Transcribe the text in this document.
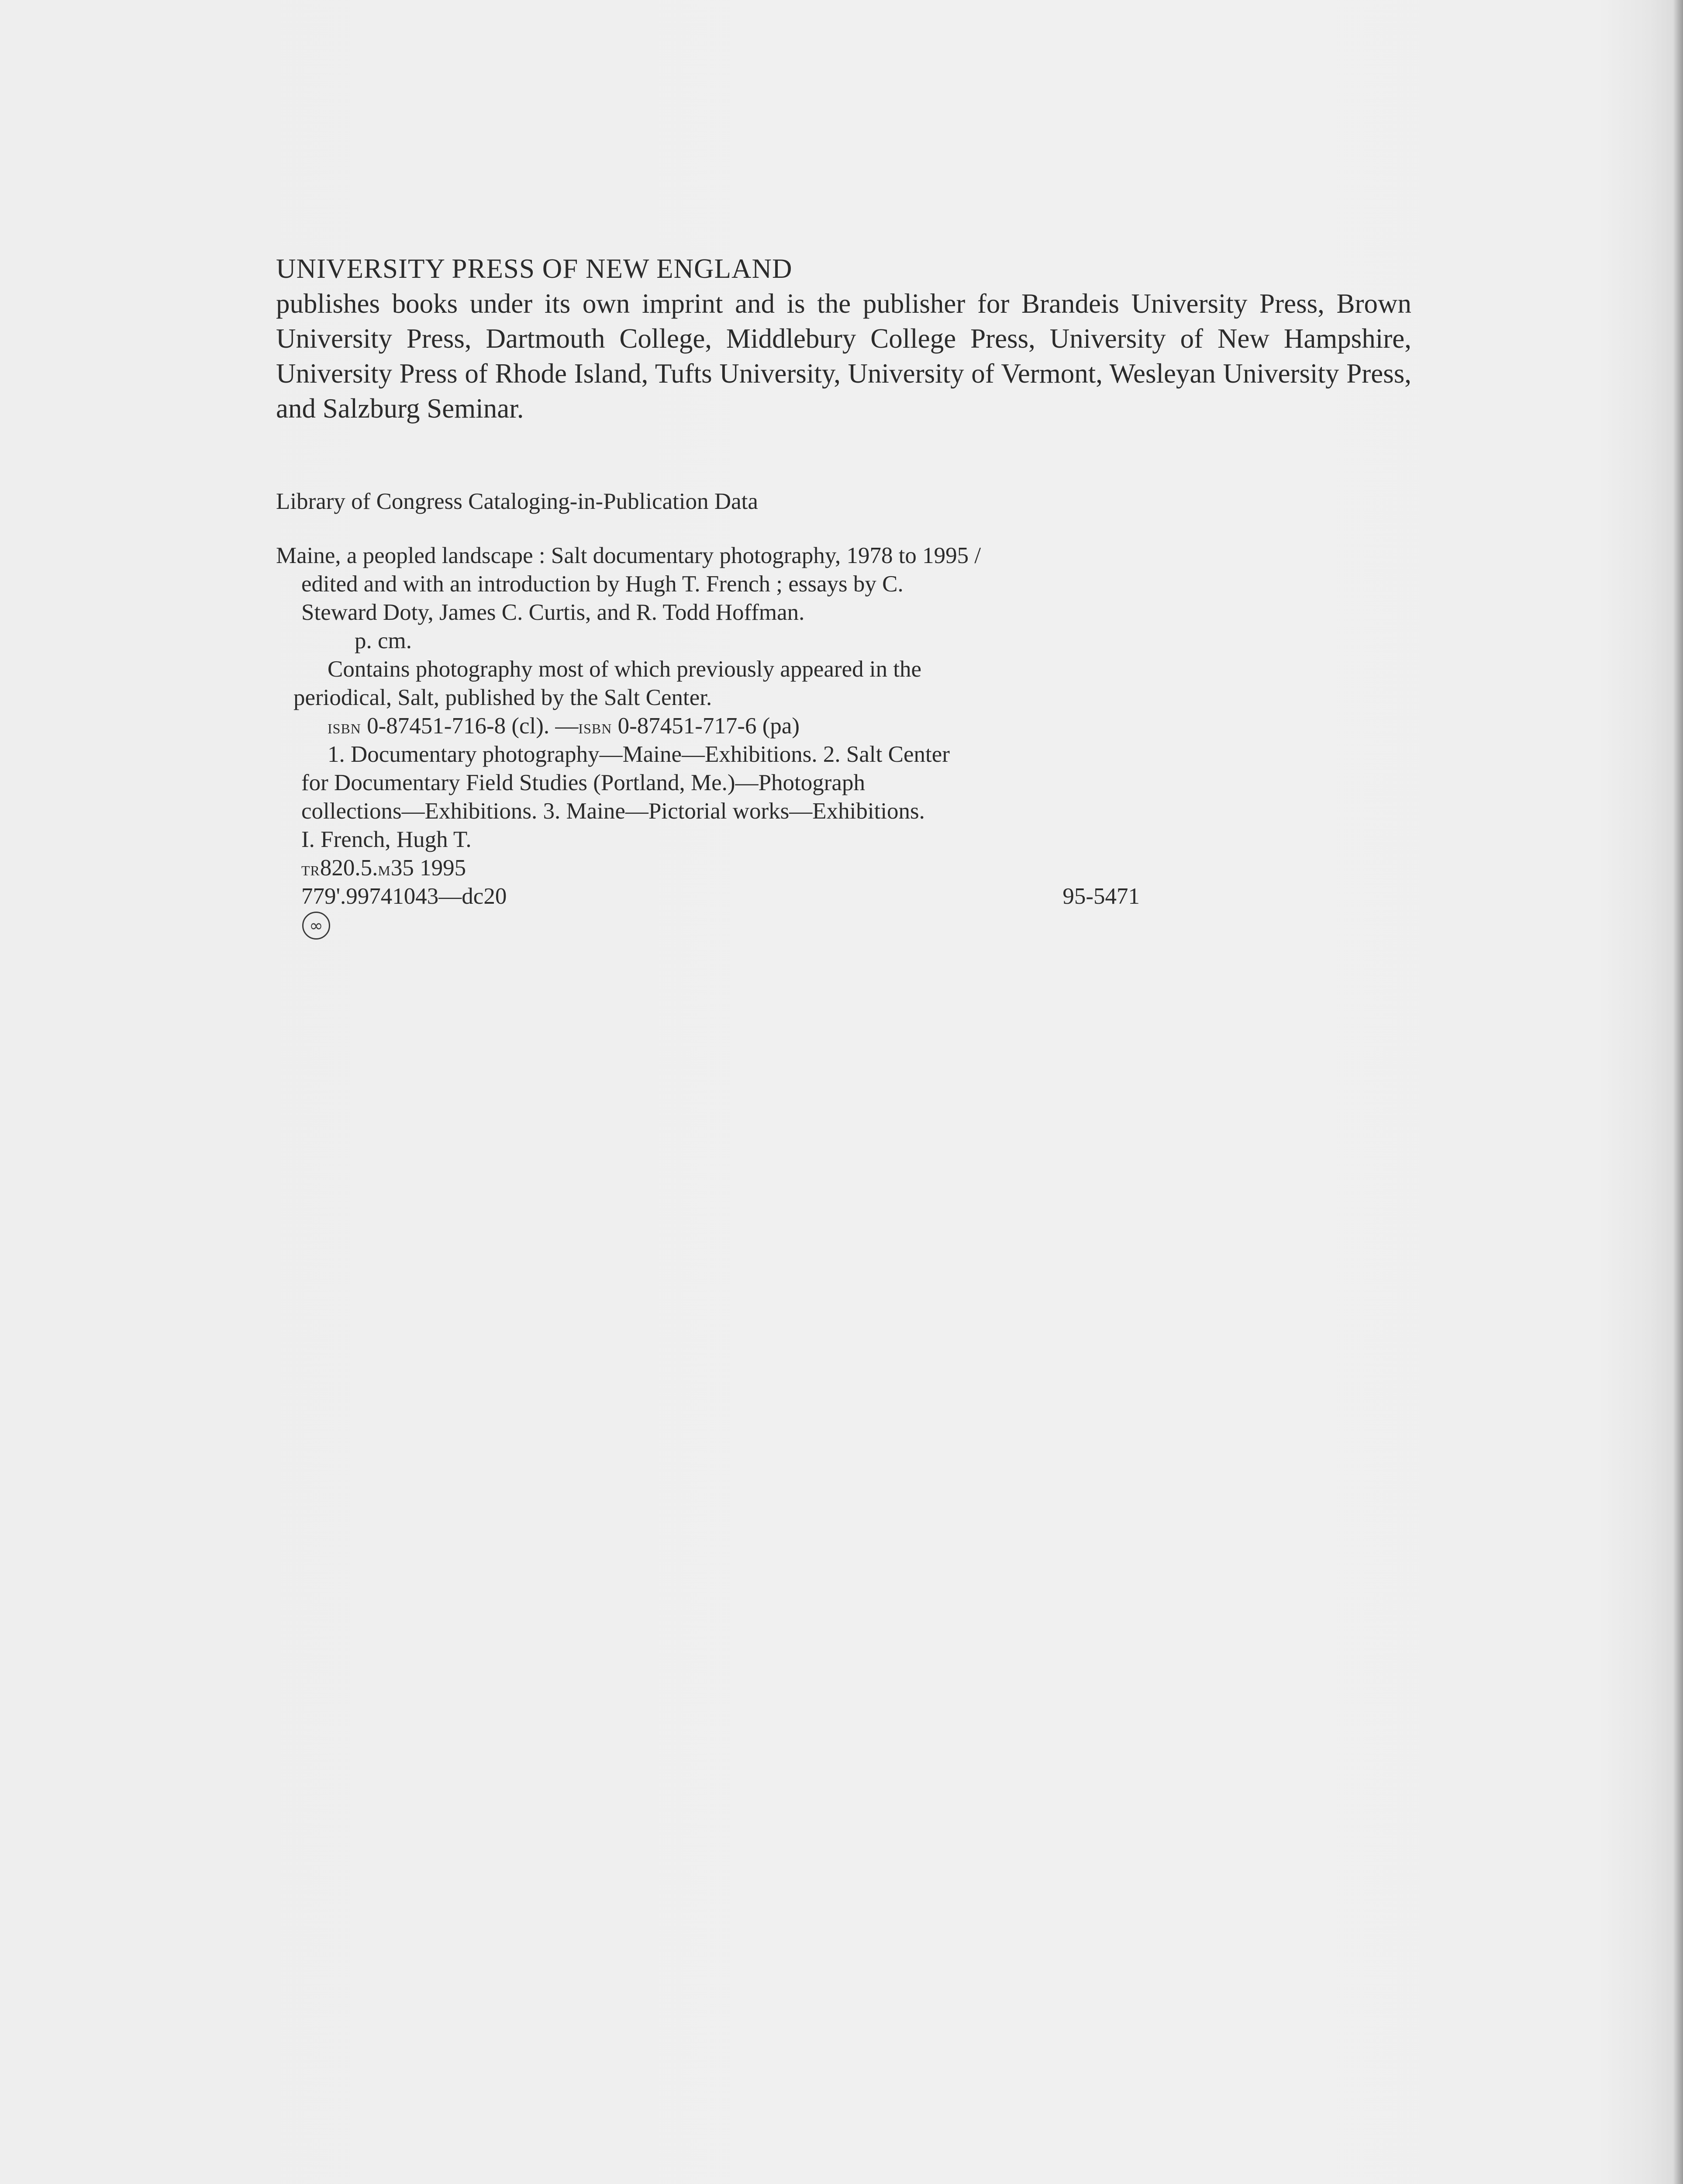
UNIVERSITY PRESS OF NEW ENGLAND

publishes books under its own imprint and is the publisher for Brandeis University Press, Brown University Press, Dartmouth College, Middlebury College Press, University of New Hampshire, University Press of Rhode Island, Tufts University, University of Vermont, Wesleyan University Press, and Salzburg Seminar.

Library of Congress Cataloging-in-Publication Data

Maine, a peopled landscape : Salt documentary photography, 1978 to 1995 /

edited and with an introduction by Hugh T. French ; essays by C.

Steward Doty, James C. Curtis, and R. Todd Hoffman.

p. cm.

Contains photography most of which previously appeared in the

periodical, Salt, published by the Salt Center.

isbn 0-87451-716-8 (cl). —isbn 0-87451-717-6 (pa)

1. Documentary photography—Maine—Exhibitions. 2. Salt Center

for Documentary Field Studies (Portland, Me.)—Photograph

collections—Exhibitions. 3. Maine—Pictorial works—Exhibitions.

I. French, Hugh T.

tr820.5.m35 1995

779'.99741043—dc20	95-5471

∞
